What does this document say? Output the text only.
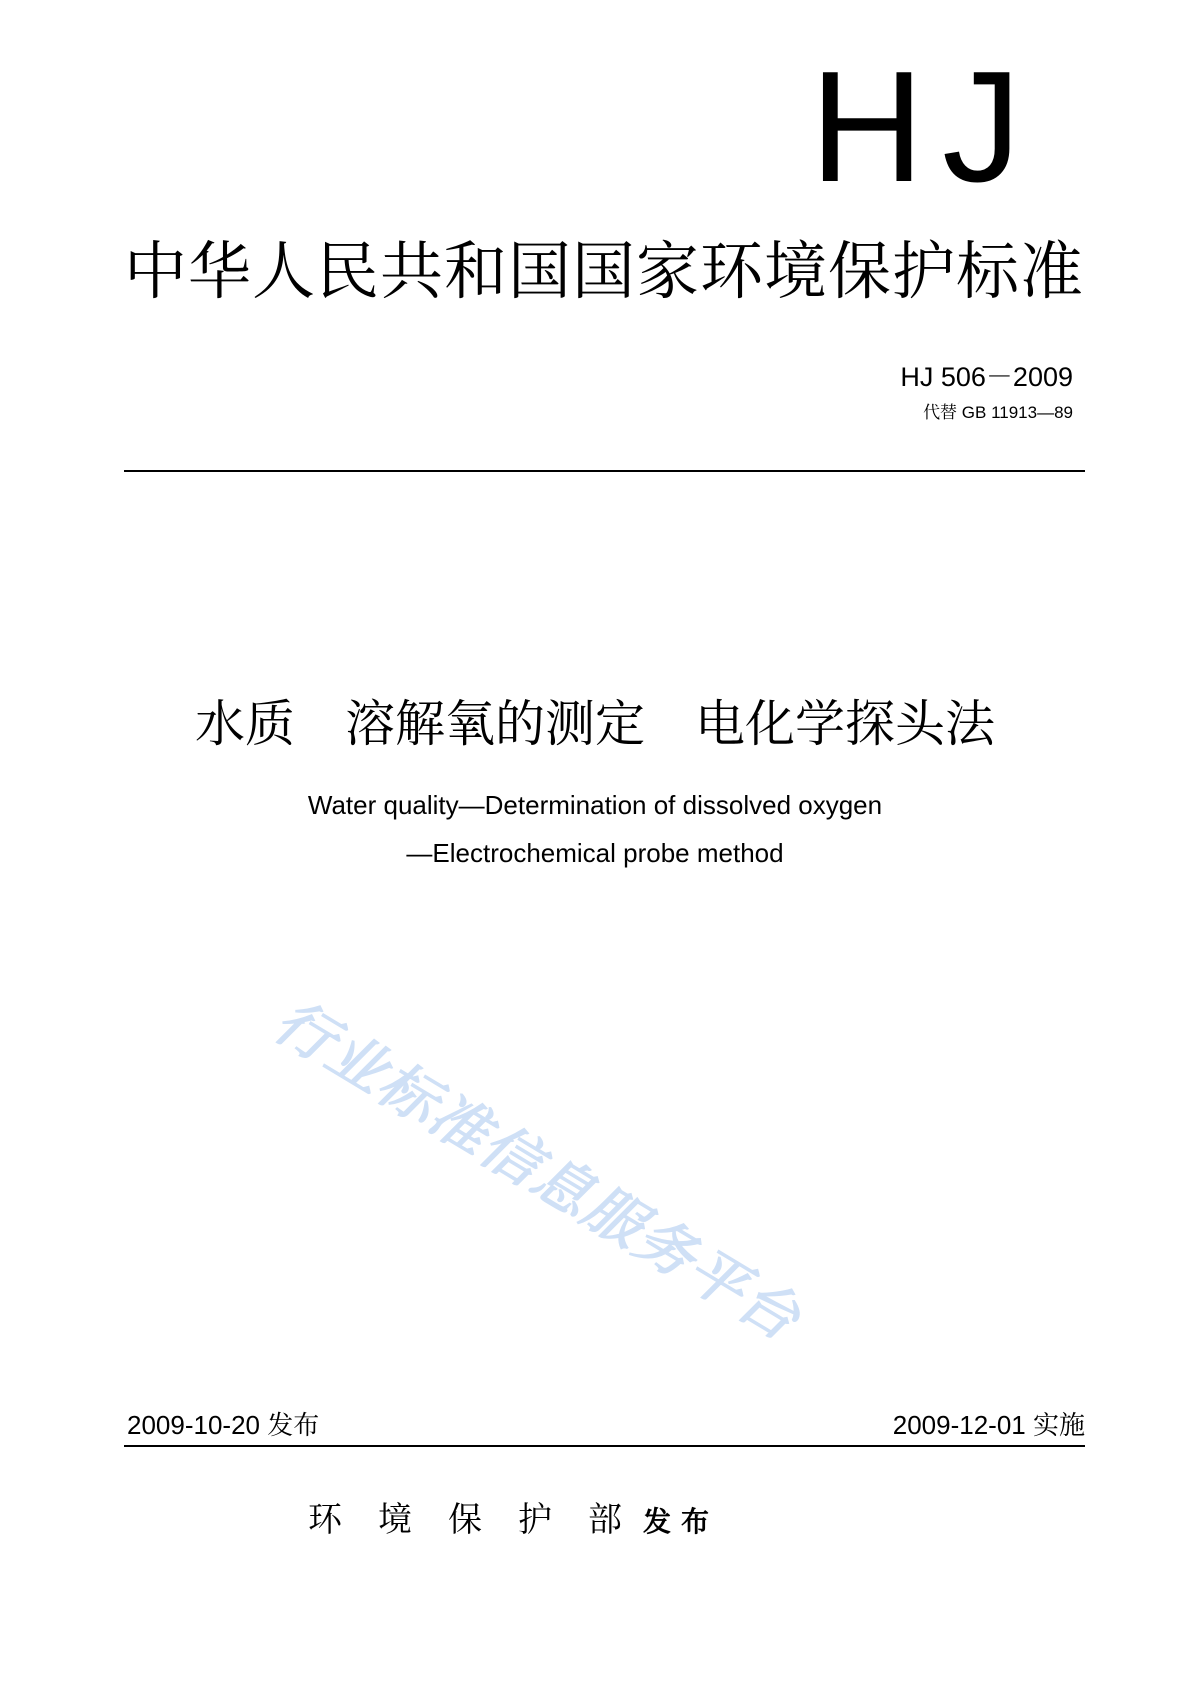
HJ
中华人民共和国国家环境保护标准
HJ 506－2009
代替 GB 11913—89
水质　溶解氧的测定　电化学探头法
Water quality—Determination of dissolved oxygen
—Electrochemical probe method
行业标准信息服务平台
2009-10-20 发布	2009-12-01 实施
环　境　保　护　部 发布
